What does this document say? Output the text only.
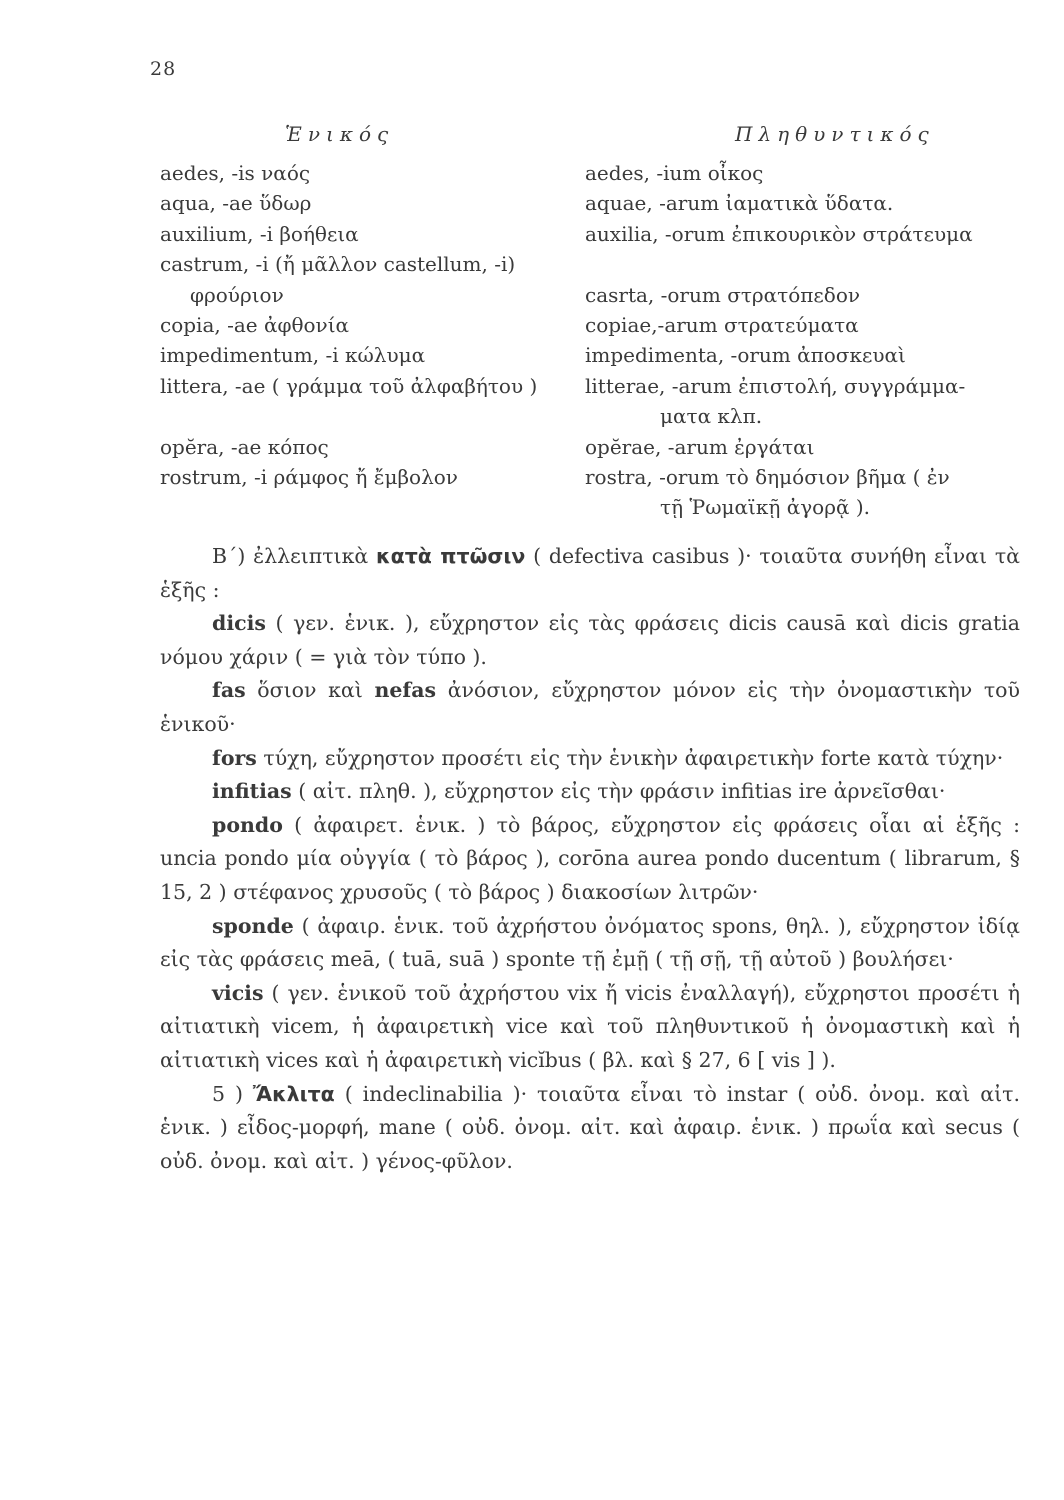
28
Ἑνικός	Πληθυντικός
aedes, -is ναός
aqua, -ae ὕδωρ
auxilium, -i βοήθεια
castrum, -i (ἤ μᾶλλον castellum, -i)
φρούριον
copia, -ae ἀφθονία
impedimentum, -i κώλυμα
littera, -ae ( γράμμα τοῦ ἀλφαβήτου )
opĕra, -ae κόπος
rostrum, -i ράμφος ἤ ἔμβολον
aedes, -ium οἶκος
aquae, -arum ἰαματικὰ ὕδατα.
auxilia, -orum ἐπικουρικὸν στράτευμα
casrta, -orum στρατόπεδον
copiae,-arum στρατεύματα
impedimenta, -orum ἀποσκευαὶ
litterae, -arum ἐπιστολή, συγγράμμα-
ματα κλπ.
opĕrae, -arum ἐργάται
rostra, -orum τὸ δημόσιον βῆμα ( ἐν
τῇ Ῥωμαϊκῇ ἀγορᾷ ).

Β΄) ἐλλειπτικὰ κατὰ πτῶσιν ( defectiva casibus )· τοιαῦτα συνήθη εἶναι τὰ ἑξῆς :

dicis ( γεν. ἑνικ. ), εὔχρηστον εἰς τὰς φράσεις dicis causā καὶ dicis gratia νόμου χάριν ( = γιὰ τὸν τύπο ).

fas ὅσιον καὶ nefas ἀνόσιον, εὔχρηστον μόνον εἰς τὴν ὀνομαστικὴν τοῦ ἑνικοῦ·

fors τύχη, εὔχρηστον προσέτι εἰς τὴν ἑνικὴν ἀφαιρετικὴν forte κατὰ τύχην·

infitias ( αἰτ. πληθ. ), εὔχρηστον εἰς τὴν φράσιν infitias ire ἀρνεῖσθαι·

pondo ( ἀφαιρετ. ἑνικ. ) τὸ βάρος, εὔχρηστον εἰς φράσεις οἷαι αἱ ἑξῆς : uncia pondo μία οὐγγία ( τὸ βάρος ), corōna aurea pondo ducentum ( librarum, § 15, 2 ) στέφανος χρυσοῦς ( τὸ βάρος ) διακοσίων λιτρῶν·

sponde ( ἀφαιρ. ἑνικ. τοῦ ἀχρήστου ὀνόματος spons, θηλ. ), εὔχρηστον ἰδίᾳ εἰς τὰς φράσεις meā, ( tuā, suā ) sponte τῇ ἐμῇ ( τῇ σῇ, τῇ αὐτοῦ ) βουλήσει·

vicis ( γεν. ἑνικοῦ τοῦ ἀχρήστου vix ἤ vicis ἐναλλαγή), εὔχρηστοι προσέτι ἡ αἰτιατικὴ vicem, ἡ ἀφαιρετικὴ vice καὶ τοῦ πληθυντικοῦ ἡ ὀνομαστικὴ καὶ ἡ αἰτιατικὴ vices καὶ ἡ ἀφαιρετικὴ vicĭbus ( βλ. καὶ § 27, 6 [ vis ] ).

5 ) Ἄκλιτα ( indeclinabilia )· τοιαῦτα εἶναι τὸ instar ( οὐδ. ὀνομ. καὶ αἰτ. ἑνικ. ) εἶδος-μορφή, mane ( οὐδ. ὀνομ. αἰτ. καὶ ἀφαιρ. ἑνικ. ) πρωΐα καὶ secus ( οὐδ. ὀνομ. καὶ αἰτ. ) γένος-φῦλον.
